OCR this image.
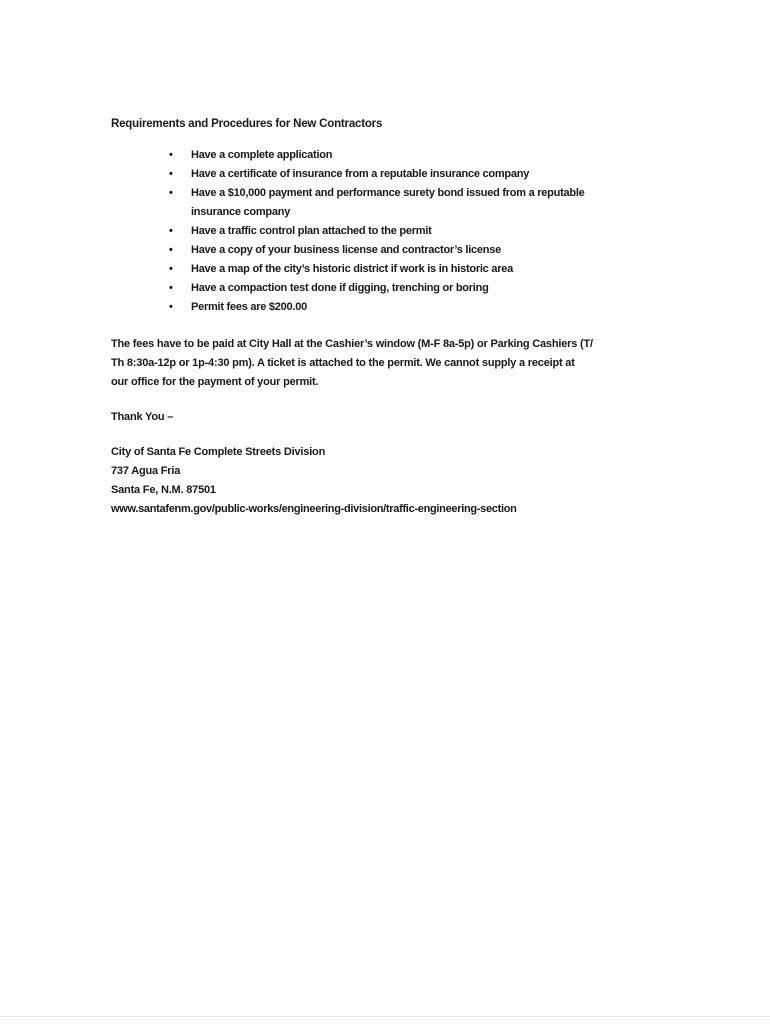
Requirements and Procedures for New Contractors
• Have a complete application
• Have a certificate of insurance from a reputable insurance company
• Have a $10,000 payment and performance surety bond issued from a reputable
insurance company
• Have a traffic control plan attached to the permit
• Have a copy of your business license and contractor’s license
• Have a map of the city’s historic district if work is in historic area
• Have a compaction test done if digging, trenching or boring
• Permit fees are $200.00

The fees have to be paid at City Hall at the Cashier’s window (M-F 8a-5p) or Parking Cashiers (T/
Th 8:30a-12p or 1p-4:30 pm). A ticket is attached to the permit. We cannot supply a receipt at
our office for the payment of your permit.

Thank You –

City of Santa Fe Complete Streets Division
737 Agua Fria
Santa Fe, N.M. 87501
www.santafenm.gov/public-works/engineering-division/traffic-engineering-section
